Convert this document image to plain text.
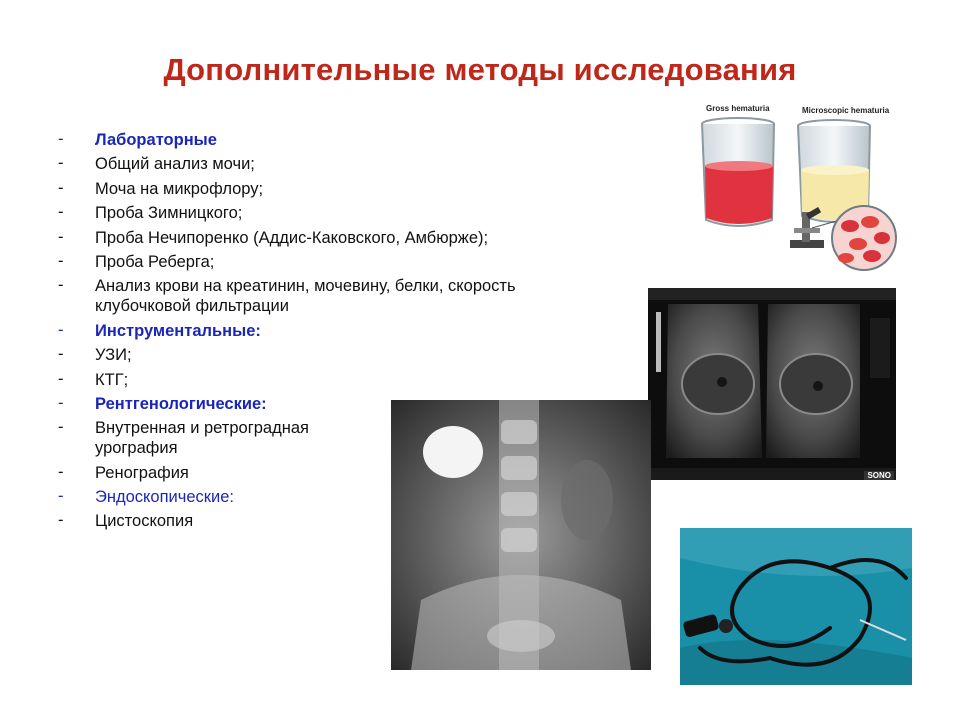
Дополнительные методы исследования
- Лабораторные
- Общий анализ мочи;
- Моча на микрофлору;
- Проба Зимницкого;
- Проба Нечипоренко (Аддис-Каковского, Амбюрже);
- Проба Реберга;
- Анализ крови на креатинин, мочевину, белки, скорость клубочковой фильтрации
- Инструментальные:
- УЗИ;
- КТГ;
- Рентгенологические:
- Внутренная и ретроградная урография
- Ренография
- Эндоскопические:
- Цистоскопия
Gross hematuria	Microscopic hematuria
SONO
